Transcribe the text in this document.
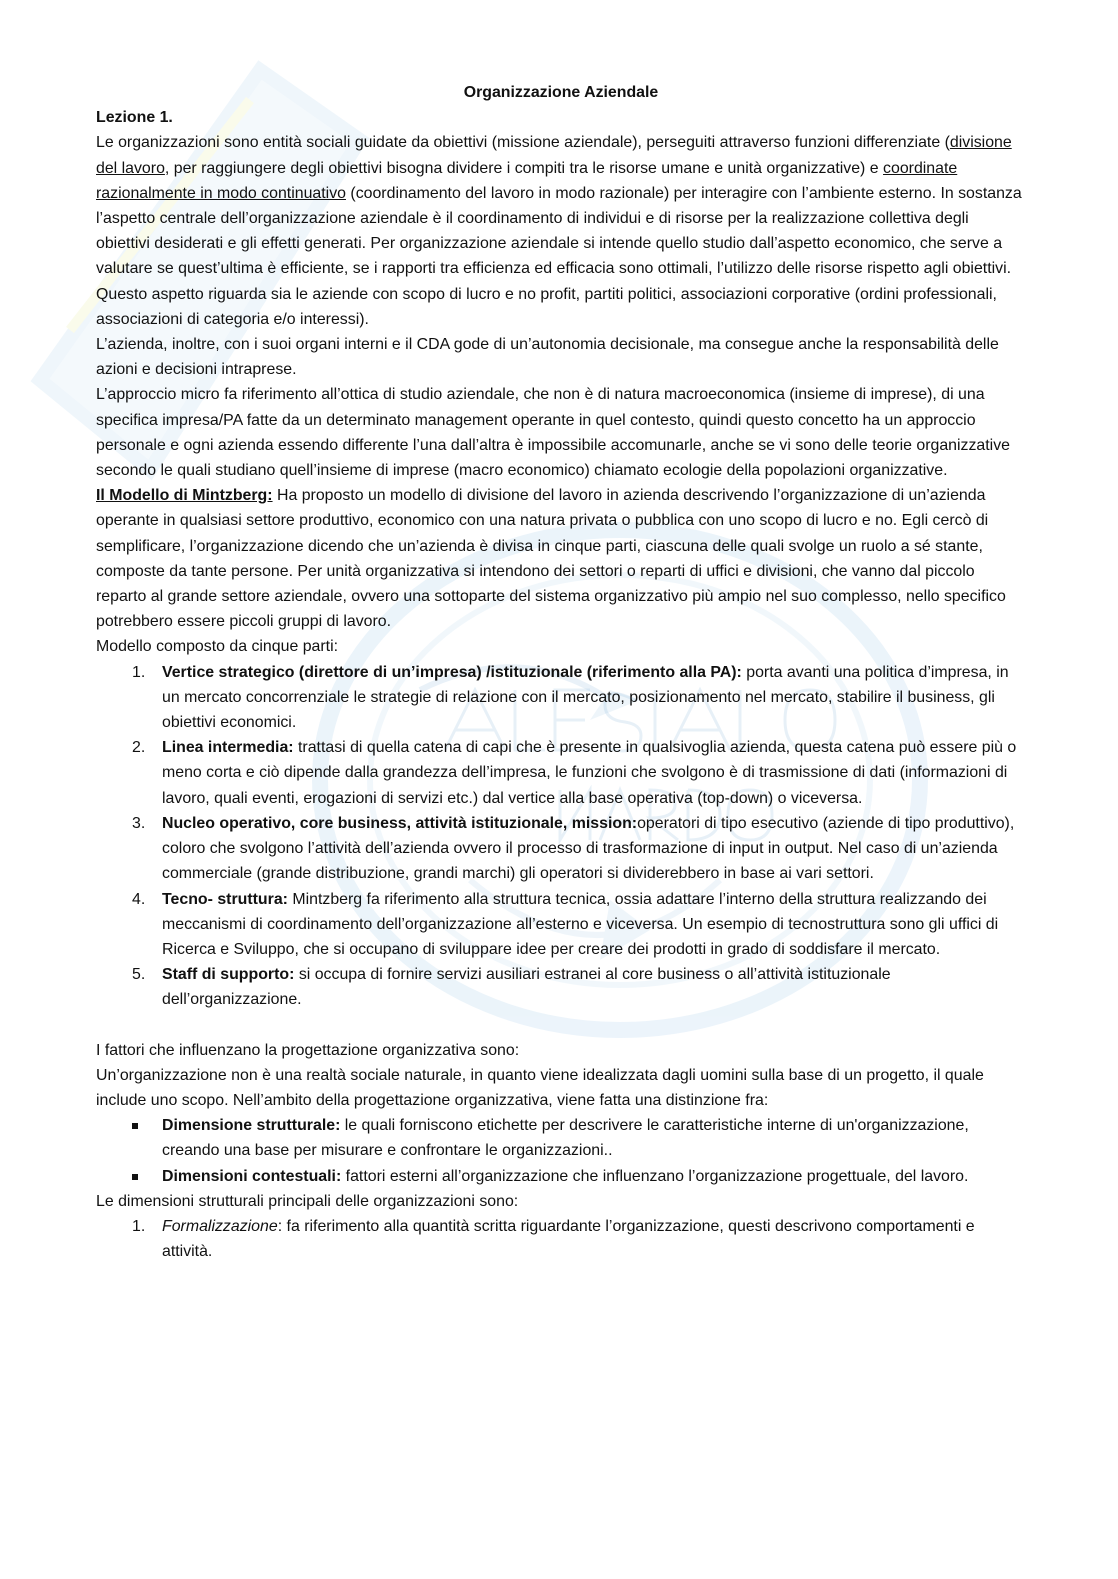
Organizzazione Aziendale

Lezione 1.

Le organizzazioni sono entità sociali guidate da obiettivi (missione aziendale), perseguiti attraverso funzioni differenziate (divisione del lavoro, per raggiungere degli obiettivi bisogna dividere i compiti tra le risorse umane e unità organizzative) e coordinate razionalmente in modo continuativo (coordinamento del lavoro in modo razionale) per interagire con l’ambiente esterno. In sostanza l’aspetto centrale dell’organizzazione aziendale è il coordinamento di individui e di risorse per la realizzazione collettiva degli obiettivi desiderati e gli effetti generati. Per organizzazione aziendale si intende quello studio dall’aspetto economico, che serve a valutare se quest’ultima è efficiente, se i rapporti tra efficienza ed efficacia sono ottimali, l’utilizzo delle risorse rispetto agli obiettivi. Questo aspetto riguarda sia le aziende con scopo di lucro e no profit, partiti politici, associazioni corporative (ordini professionali, associazioni di categoria e/o interessi).

L’azienda, inoltre, con i suoi organi interni e il CDA gode di un’autonomia decisionale, ma consegue anche la responsabilità delle azioni e decisioni intraprese.

L’approccio micro fa riferimento all’ottica di studio aziendale, che non è di natura macroeconomica (insieme di imprese), di una specifica impresa/PA fatte da un determinato management operante in quel contesto, quindi questo concetto ha un approccio personale e ogni azienda essendo differente l’una dall’altra è impossibile accomunarle, anche se vi sono delle teorie organizzative secondo le quali studiano quell’insieme di imprese (macro economico) chiamato ecologie della popolazioni organizzative.

Il Modello di Mintzberg: Ha proposto un modello di divisione del lavoro in azienda descrivendo l’organizzazione di un’azienda operante in qualsiasi settore produttivo, economico con una natura privata o pubblica con uno scopo di lucro e no. Egli cercò di semplificare, l’organizzazione dicendo che un’azienda è divisa in cinque parti, ciascuna delle quali svolge un ruolo a sé stante, composte da tante persone. Per unità organizzativa si intendono dei settori o reparti di uffici e divisioni, che vanno dal piccolo reparto al grande settore aziendale, ovvero una sottoparte del sistema organizzativo più ampio nel suo complesso, nello specifico potrebbero essere piccoli gruppi di lavoro.

Modello composto da cinque parti:

1. Vertice strategico (direttore di un’impresa) /istituzionale (riferimento alla PA): porta avanti una politica d’impresa, in un mercato concorrenziale le strategie di relazione con il mercato, posizionamento nel mercato, stabilire il business, gli obiettivi economici.
2. Linea intermedia: trattasi di quella catena di capi che è presente in qualsivoglia azienda, questa catena può essere più o meno corta e ciò dipende dalla grandezza dell’impresa, le funzioni che svolgono è di trasmissione di dati (informazioni di lavoro, quali eventi, erogazioni di servizi etc.) dal vertice alla base operativa (top-down) o viceversa.
3. Nucleo operativo, core business, attività istituzionale, mission:operatori di tipo esecutivo (aziende di tipo produttivo), coloro che svolgono l’attività dell’azienda ovvero il processo di trasformazione di input in output. Nel caso di un’azienda commerciale (grande distribuzione, grandi marchi) gli operatori si dividerebbero in base ai vari settori.
4. Tecno- struttura: Mintzberg fa riferimento alla struttura tecnica, ossia adattare l’interno della struttura realizzando dei meccanismi di coordinamento dell’organizzazione all’esterno e viceversa. Un esempio di tecnostruttura sono gli uffici di Ricerca e Sviluppo, che si occupano di sviluppare idee per creare dei prodotti in grado di soddisfare il mercato.
5. Staff di supporto: si occupa di fornire servizi ausiliari estranei al core business o all’attività istituzionale dell’organizzazione.

I fattori che influenzano la progettazione organizzativa sono:

Un’organizzazione non è una realtà sociale naturale, in quanto viene idealizzata dagli uomini sulla base di un progetto, il quale include uno scopo. Nell’ambito della progettazione organizzativa, viene fatta una distinzione fra:

Dimensione strutturale: le quali forniscono etichette per descrivere le caratteristiche interne di un'organizzazione, creando una base per misurare e confrontare le organizzazioni..
Dimensioni contestuali: fattori esterni all’organizzazione che influenzano l’organizzazione progettuale, del lavoro.

Le dimensioni strutturali principali delle organizzazioni sono:

1. Formalizzazione: fa riferimento alla quantità scritta riguardante l’organizzazione, questi descrivono comportamenti e attività.
